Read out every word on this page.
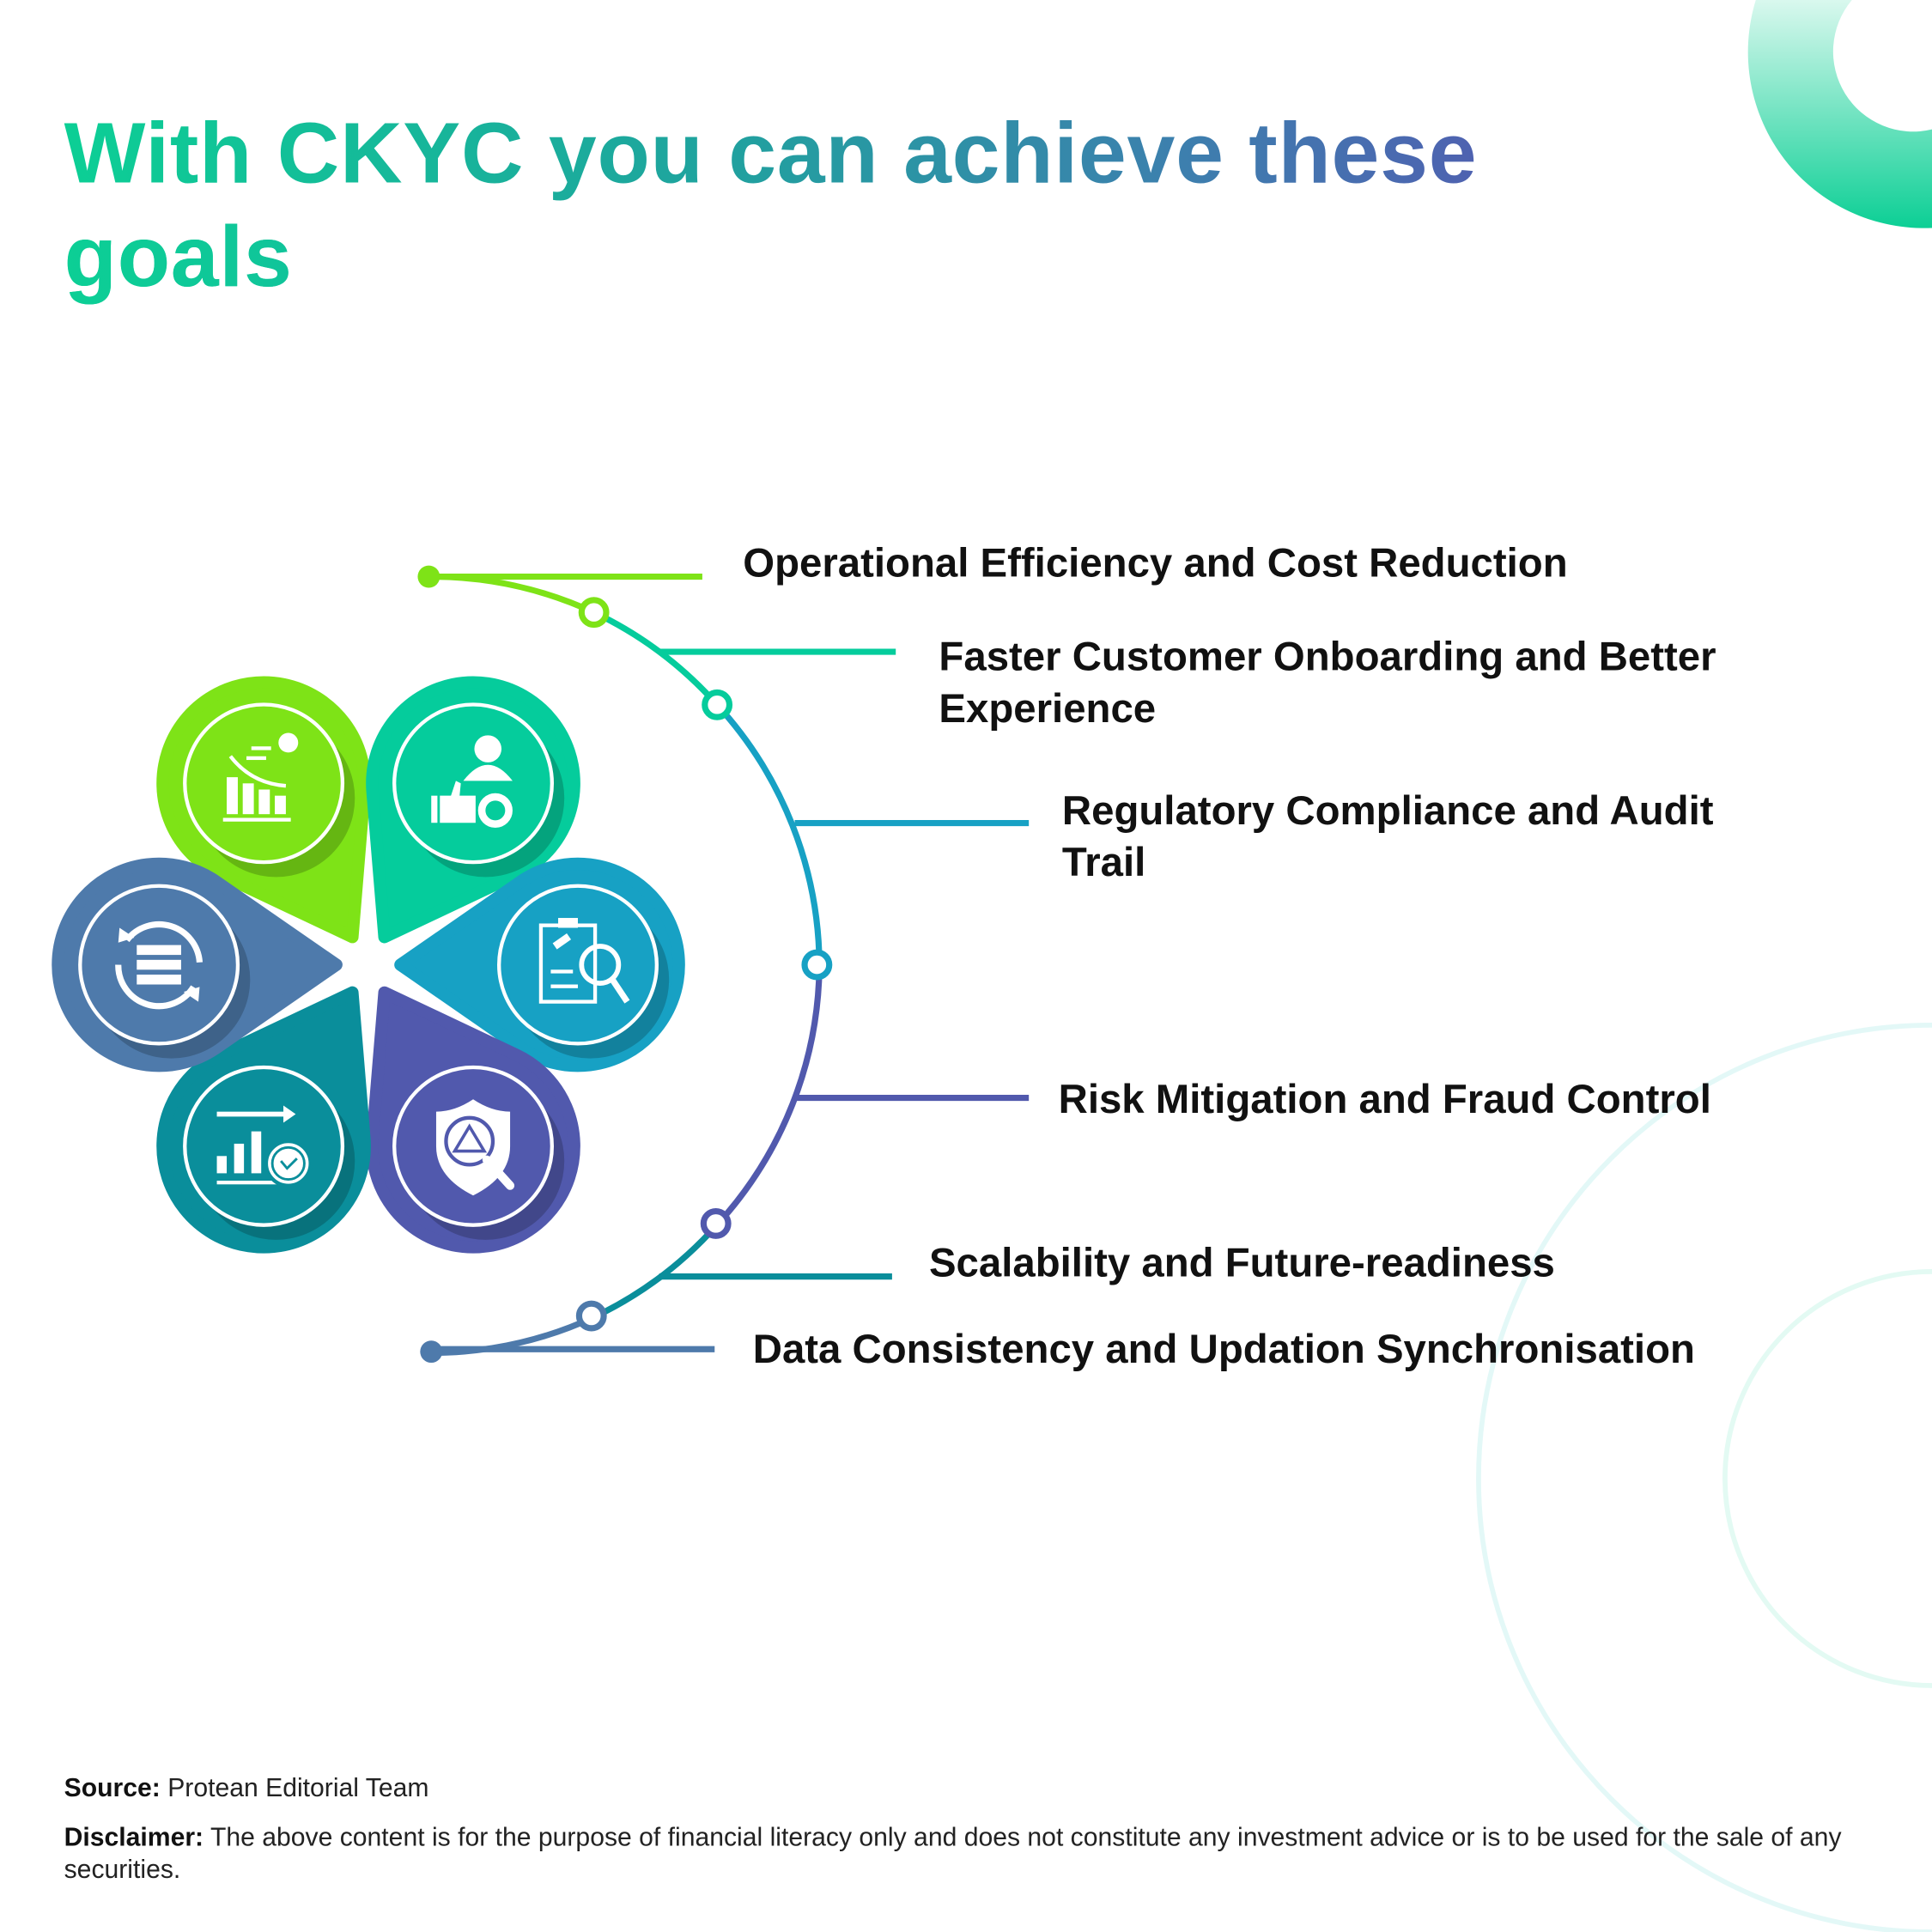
With CKYC you can achieve these
goals
Operational Efficiency and Cost Reduction
Faster Customer Onboarding and Better
Experience
Regulatory Compliance and Audit
Trail
Risk Mitigation and Fraud Control
Scalability and Future-readiness
Data Consistency and Updation Synchronisation
Source: Protean Editorial Team
Disclaimer: The above content is for the purpose of financial literacy only and does not constitute any investment advice or is to be used for the sale of any securities.
